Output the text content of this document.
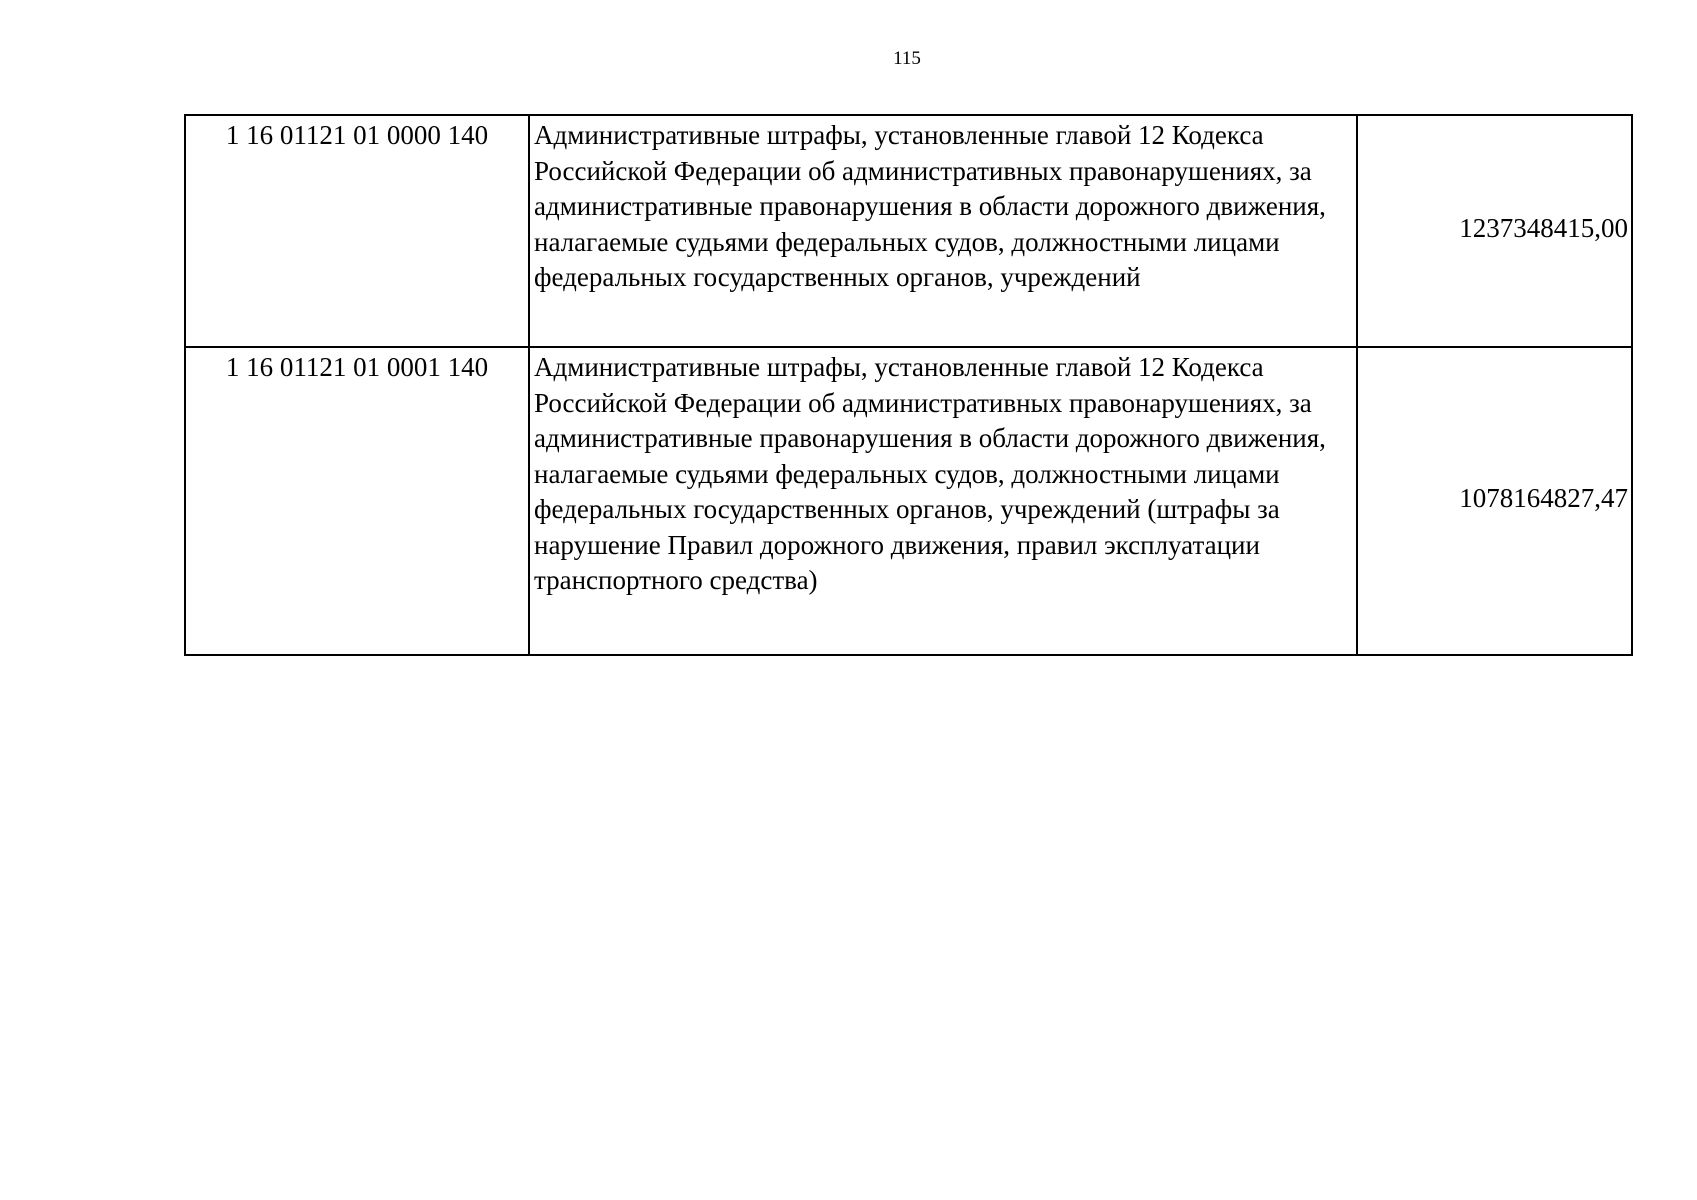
115
1 16 01121 01 0000 140	Административные штрафы, установленные главой 12 Кодекса Российской Федерации об административных правонарушениях, за административные правонарушения в области дорожного движения, налагаемые судьями федеральных судов, должностными лицами федеральных государственных органов, учреждений	1237348415,00
1 16 01121 01 0001 140	Административные штрафы, установленные главой 12 Кодекса Российской Федерации об административных правонарушениях, за административные правонарушения в области дорожного движения, налагаемые судьями федеральных судов, должностными лицами федеральных государственных органов, учреждений (штрафы за нарушение Правил дорожного движения, правил эксплуатации транспортного средства)	1078164827,47
